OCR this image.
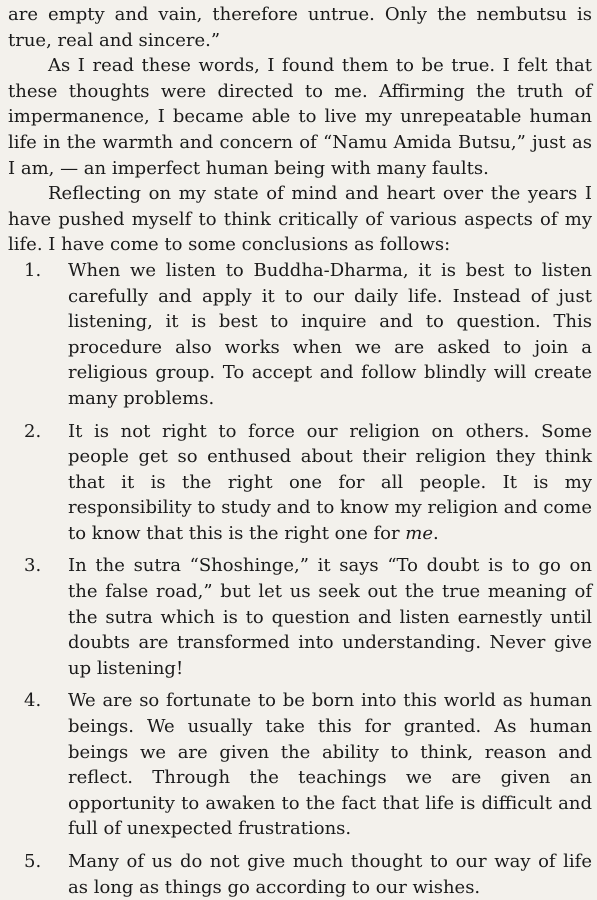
are empty and vain, therefore untrue. Only the nembutsu is true, real and sincere.”

As I read these words, I found them to be true. I felt that these thoughts were directed to me. Affirming the truth of impermanence, I became able to live my unrepeatable human life in the warmth and concern of “Namu Amida Butsu,” just as I am, — an imperfect human being with many faults.

Reflecting on my state of mind and heart over the years I have pushed myself to think critically of various aspects of my life. I have come to some conclusions as follows:

1.	When we listen to Buddha-Dharma, it is best to listen carefully and apply it to our daily life. Instead of just listening, it is best to inquire and to question. This procedure also works when we are asked to join a religious group. To accept and follow blindly will create many problems.
2.	It is not right to force our religion on others. Some people get so enthused about their religion they think that it is the right one for all people. It is my responsibility to study and to know my religion and come to know that this is the right one for me.
3.	In the sutra “Shoshinge,” it says “To doubt is to go on the false road,” but let us seek out the true meaning of the sutra which is to question and listen earnestly until doubts are transformed into understanding. Never give up listening!
4.	We are so fortunate to be born into this world as human beings. We usually take this for granted. As human beings we are given the ability to think, reason and reflect. Through the teachings we are given an opportunity to awaken to the fact that life is difficult and full of unexpected frustrations.
5.	Many of us do not give much thought to our way of life as long as things go according to our wishes.
